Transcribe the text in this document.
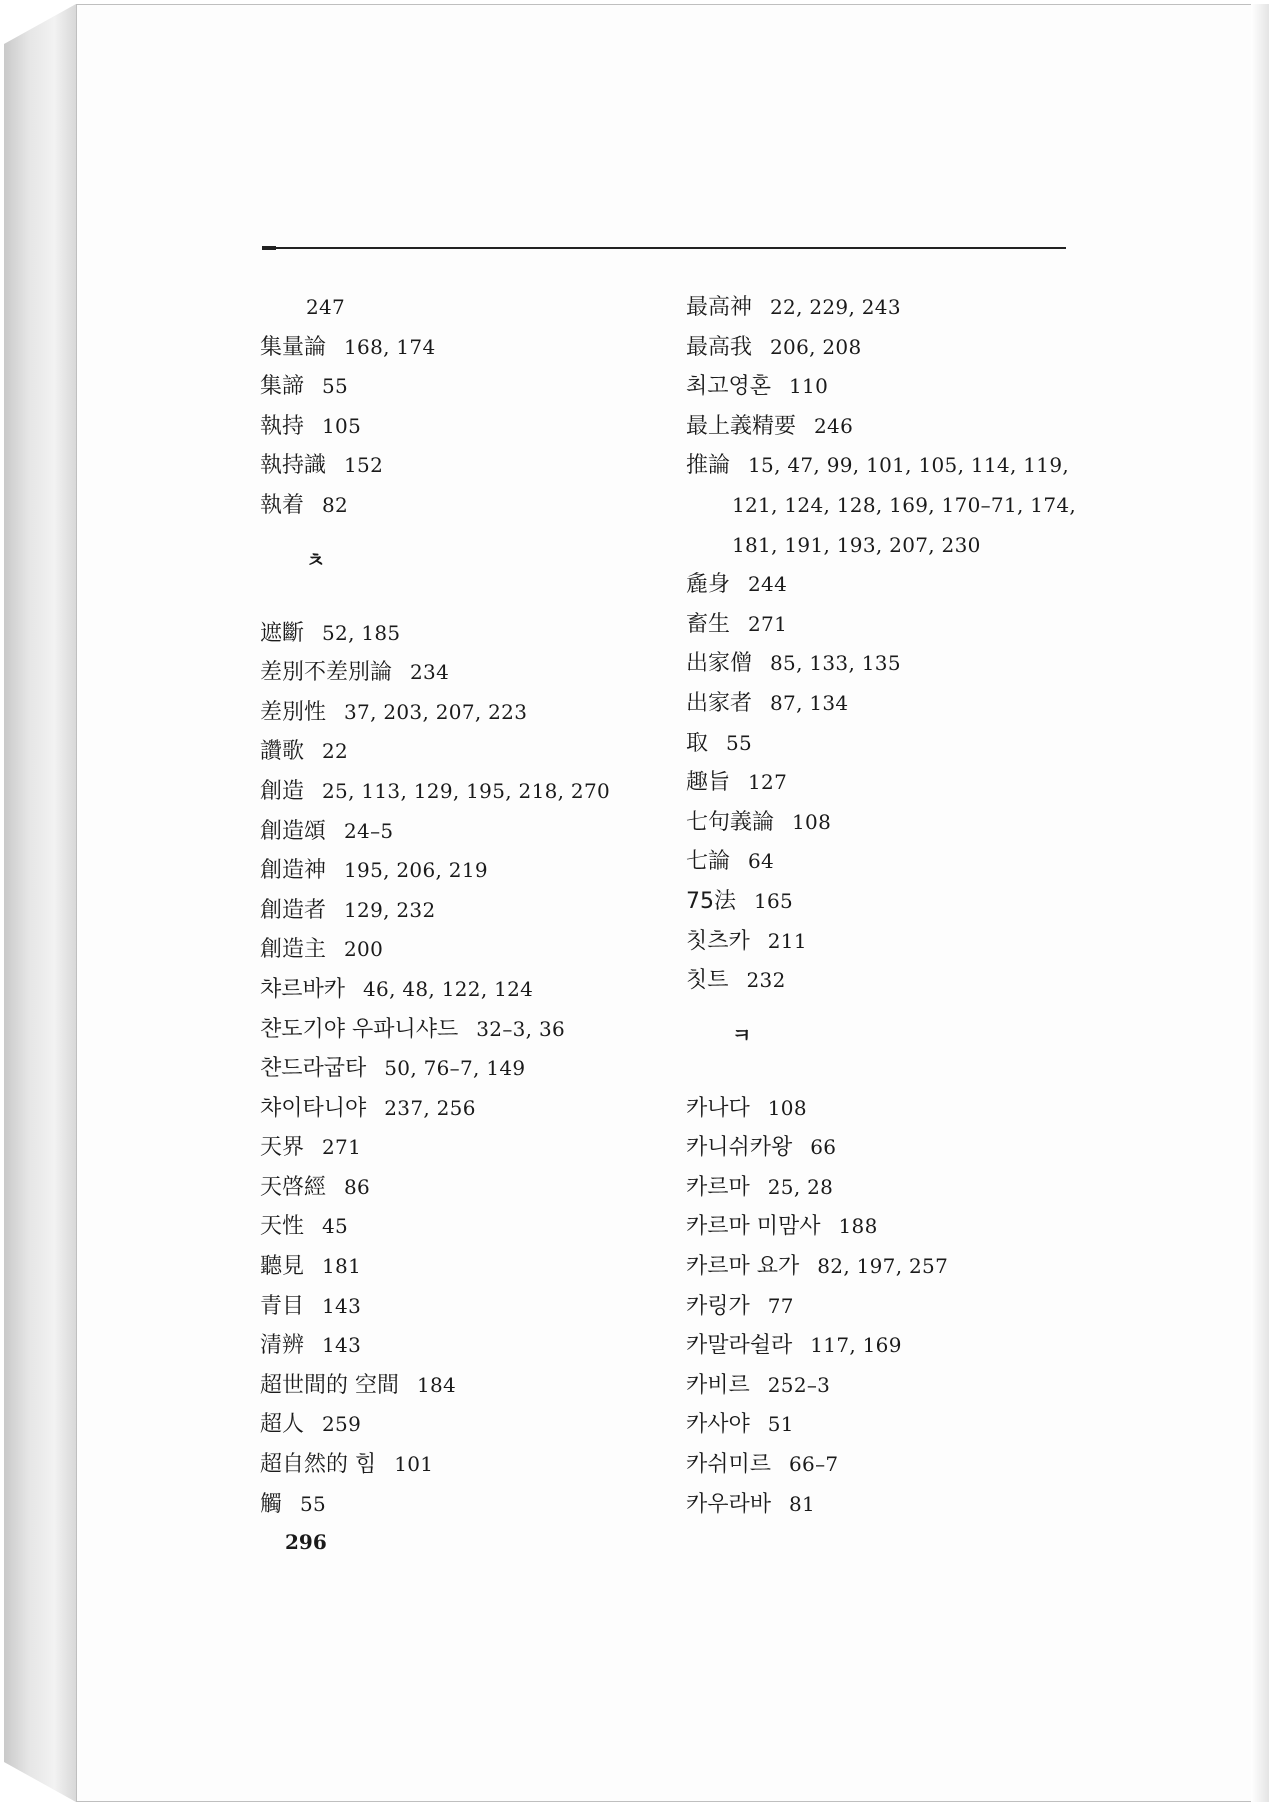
247
集量論 168, 174
集諦 55
執持 105
執持識 152
執着 82
ㅊ
遮斷 52, 185
差別不差別論 234
差別性 37, 203, 207, 223
讚歌 22
創造 25, 113, 129, 195, 218, 270
創造頌 24–5
創造神 195, 206, 219
創造者 129, 232
創造主 200
챠르바카 46, 48, 122, 124
챤도기야 우파니샤드 32–3, 36
챤드라굽타 50, 76–7, 149
챠이타니야 237, 256
天界 271
天啓經 86
天性 45
聽見 181
青目 143
清辨 143
超世間的 空間 184
超人 259
超自然的 힘 101
觸 55
最高神 22, 229, 243
最高我 206, 208
최고영혼 110
最上義精要 246
推論 15, 47, 99, 101, 105, 114, 119,
121, 124, 128, 169, 170–71, 174,
181, 191, 193, 207, 230
麁身 244
畜生 271
出家僧 85, 133, 135
出家者 87, 134
取 55
趣旨 127
七句義論 108
七論 64
75法 165
칫츠카 211
칫트 232
ㅋ
카나다 108
카니쉬카왕 66
카르마 25, 28
카르마 미맘사 188
카르마 요가 82, 197, 257
카링가 77
카말라쉴라 117, 169
카비르 252–3
카사야 51
카쉬미르 66–7
카우라바 81
296
